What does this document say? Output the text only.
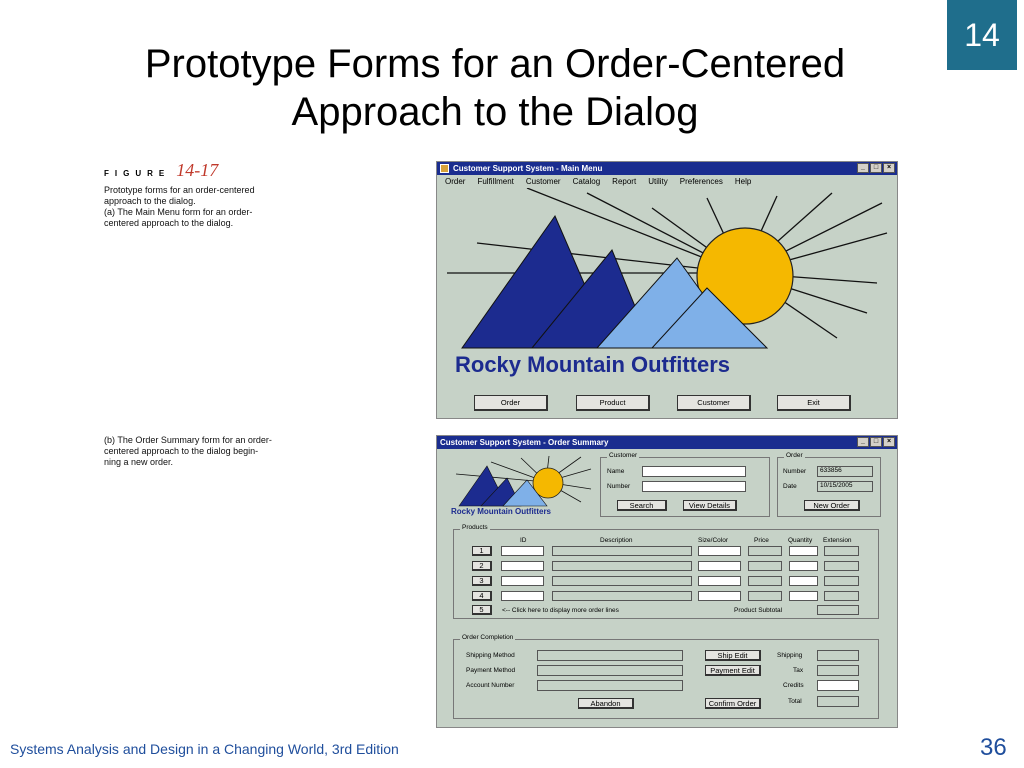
14
Prototype Forms for an Order-Centered
Approach to the Dialog
FIGURE 14-17
Prototype forms for an order-centered
approach to the dialog.
(a) The Main Menu form for an order-
centered approach to the dialog.
(b) The Order Summary form for an order-
centered approach to the dialog begin-
ning a new order.
Customer Support System - Main Menu	_	□	×
Order Fulfillment Customer Catalog Report Utility Preferences Help
Rocky Mountain Outfitters
Order	Product	Customer	Exit
Customer Support System - Order Summary	_	□	×
Rocky Mountain Outfitters
Customer
Name
Number
Search	View Details
Order
Number	633856
Date	10/15/2005
New Order
Products
ID	Description	Size/Color	Price	Quantity Extension
1
2
3
4
5	<-- Click here to display more order lines	Product Subtotal
Order Completion
Shipping Method
Payment Method
Account Number
Ship Edit
Payment Edit
Shipping
Tax
Credits
Total
Abandon	Confirm Order
Systems Analysis and Design in a Changing World, 3rd Edition	36
